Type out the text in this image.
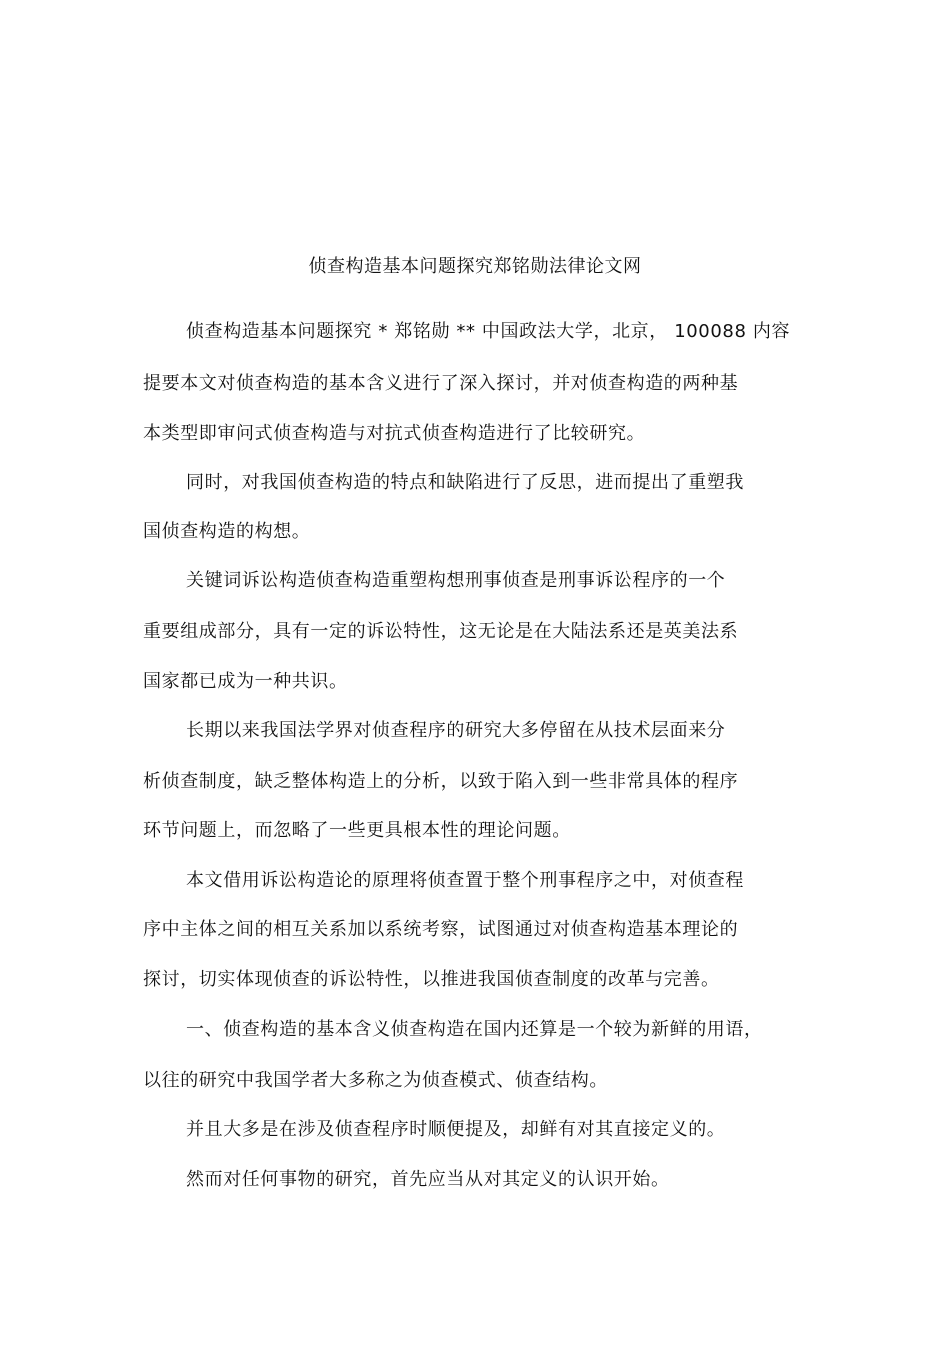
侦查构造基本问题探究郑铭勋法律论文网
侦查构造基本问题探究 * 郑铭勋 ** 中国政法大学，北京， 100088 内容
提要本文对侦查构造的基本含义进行了深入探讨，并对侦查构造的两种基
本类型即审问式侦查构造与对抗式侦查构造进行了比较研究。
同时，对我国侦查构造的特点和缺陷进行了反思，进而提出了重塑我
国侦查构造的构想。
关键词诉讼构造侦查构造重塑构想刑事侦查是刑事诉讼程序的一个
重要组成部分，具有一定的诉讼特性，这无论是在大陆法系还是英美法系
国家都已成为一种共识。
长期以来我国法学界对侦查程序的研究大多停留在从技术层面来分
析侦查制度，缺乏整体构造上的分析，以致于陷入到一些非常具体的程序
环节问题上，而忽略了一些更具根本性的理论问题。
本文借用诉讼构造论的原理将侦查置于整个刑事程序之中，对侦查程
序中主体之间的相互关系加以系统考察，试图通过对侦查构造基本理论的
探讨，切实体现侦查的诉讼特性，以推进我国侦查制度的改革与完善。
一、侦查构造的基本含义侦查构造在国内还算是一个较为新鲜的用语，
以往的研究中我国学者大多称之为侦查模式、侦查结构。
并且大多是在涉及侦查程序时顺便提及，却鲜有对其直接定义的。
然而对任何事物的研究，首先应当从对其定义的认识开始。
